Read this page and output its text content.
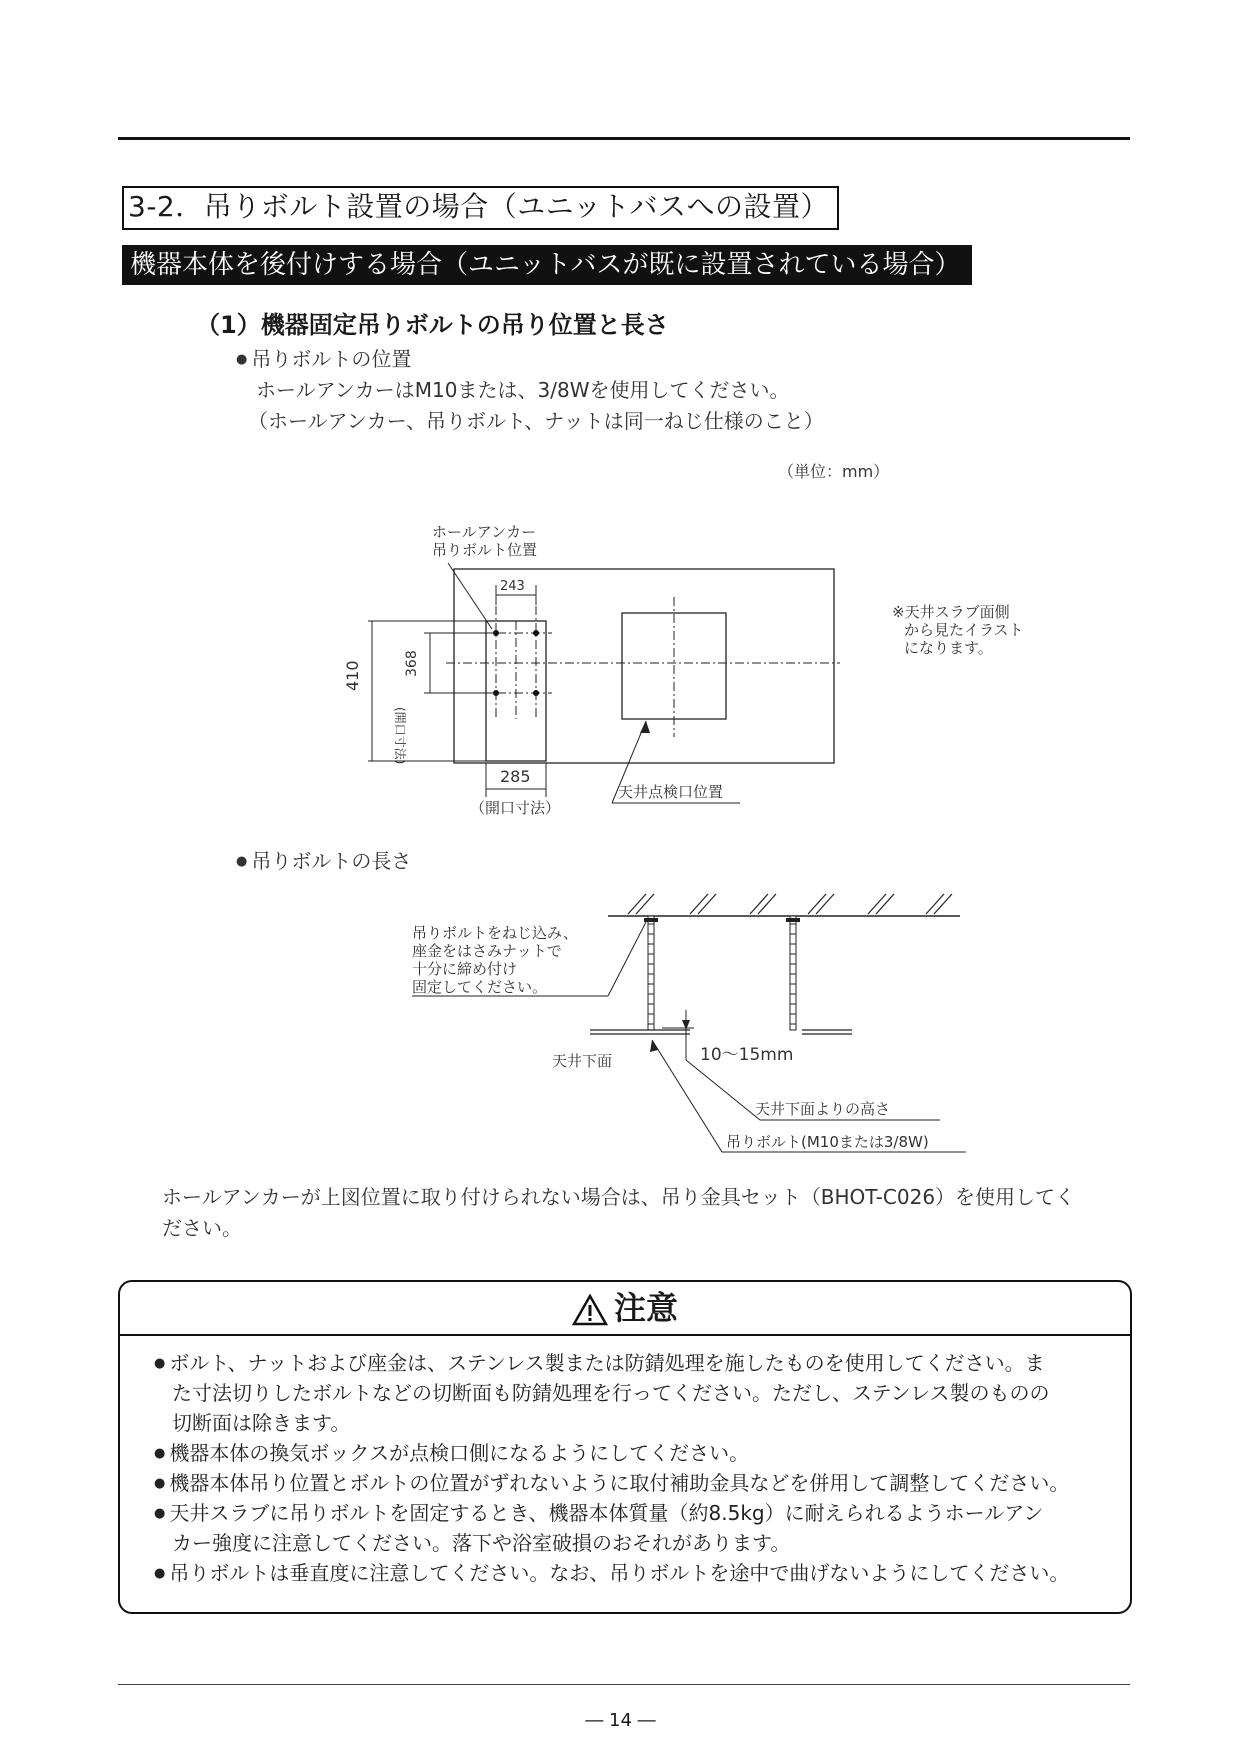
3-2．吊りボルト設置の場合（ユニットバスへの設置）
機器本体を後付けする場合（ユニットバスが既に設置されている場合）
（1）機器固定吊りボルトの吊り位置と長さ
● 吊りボルトの位置
ホールアンカーはM10または、3/8Wを使用してください。
（ホールアンカー、吊りボルト、ナットは同一ねじ仕様のこと）
（単位：mm）
ホールアンカー
吊りボルト位置
243
410
(開口寸法)
368
285
（開口寸法）
天井点検口位置
※天井スラブ面側
から見たイラスト
になります。
● 吊りボルトの長さ
吊りボルトをねじ込み、
座金をはさみナットで
十分に締め付け
固定してください。
天井下面	10〜15mm
天井下面よりの高さ
吊りボルト(M10または3/8W)
ホールアンカーが上図位置に取り付けられない場合は、吊り金具セット（BHOT-C026）を使用してく
ださい。
注意
● ボルト、ナットおよび座金は、ステンレス製または防錆処理を施したものを使用してください。ま
た寸法切りしたボルトなどの切断面も防錆処理を行ってください。ただし、ステンレス製のものの
切断面は除きます。
● 機器本体の換気ボックスが点検口側になるようにしてください。
● 機器本体吊り位置とボルトの位置がずれないように取付補助金具などを併用して調整してください。
● 天井スラブに吊りボルトを固定するとき、機器本体質量（約8.5kg）に耐えられるようホールアン
カー強度に注意してください。落下や浴室破損のおそれがあります。
● 吊りボルトは垂直度に注意してください。なお、吊りボルトを途中で曲げないようにしてください。
― 14 ―
